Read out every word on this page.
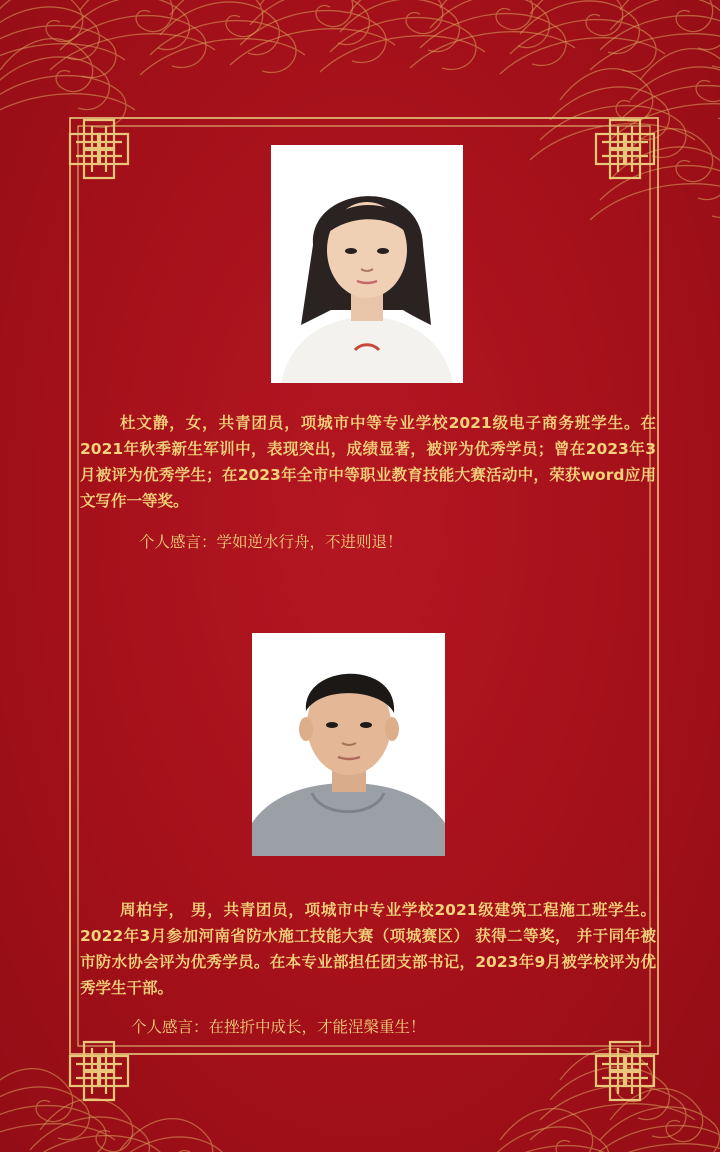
杜文静，女，共青团员，项城市中等专业学校2021级电子商务班学生。在2021年秋季新生军训中，表现突出，成绩显著，被评为优秀学员；曾在2023年3月被评为优秀学生；在2023年全市中等职业教育技能大赛活动中，荣获word应用文写作一等奖。

个人感言：学如逆水行舟，不进则退！

周柏宇， 男，共青团员，项城市中专业学校2021级建筑工程施工班学生。2022年3月参加河南省防水施工技能大赛（项城赛区） 获得二等奖， 并于同年被市防水协会评为优秀学员。在本专业部担任团支部书记，2023年9月被学校评为优秀学生干部。

个人感言：在挫折中成长，才能涅槃重生！
